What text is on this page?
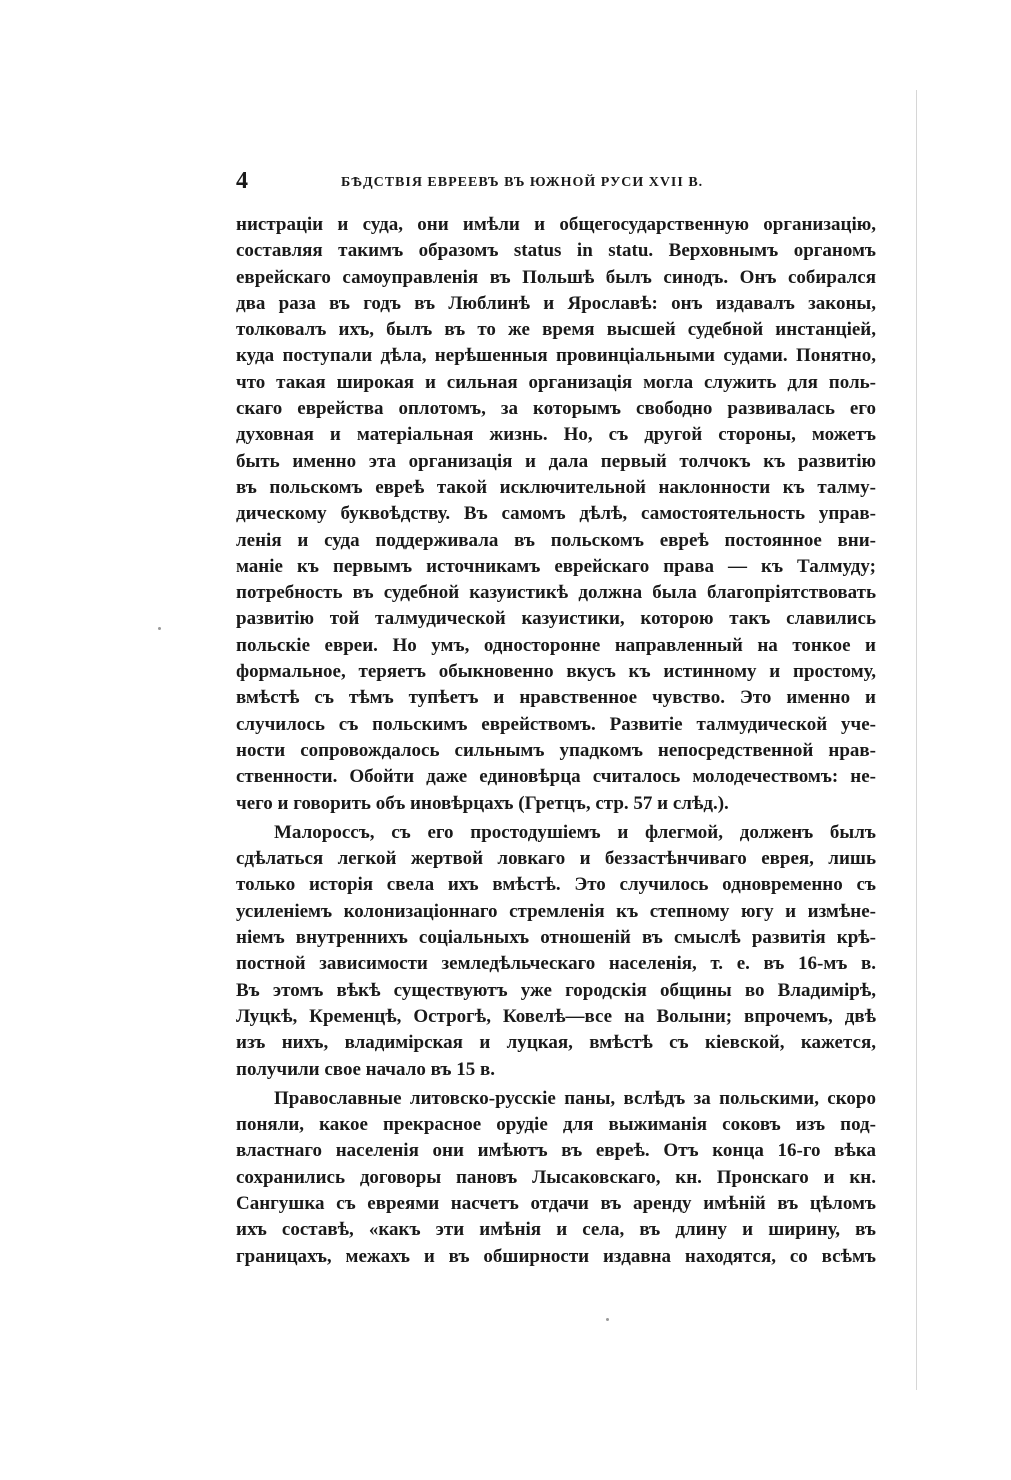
4	БѢДСТВІЯ ЕВРЕЕВЪ ВЪ ЮЖНОЙ РУСИ XVII В.
нистраціи и суда, они имѣли и общегосударственную организацію,
составляя такимъ образомъ status in statu. Верховнымъ органомъ
еврейскаго самоуправленія въ Польшѣ былъ синодъ. Онъ собирался
два раза въ годъ въ Люблинѣ и Ярославѣ: онъ издавалъ законы,
толковалъ ихъ, былъ въ то же время высшей судебной инстанціей,
куда поступали дѣла, нерѣшенныя провинціальными судами. Понятно,
что такая широкая и сильная организація могла служить для поль-
скаго еврейства оплотомъ, за которымъ свободно развивалась его
духовная и матеріальная жизнь. Но, съ другой стороны, можетъ
быть именно эта организація и дала первый толчокъ къ развитію
въ польскомъ евреѣ такой исключительной наклонности къ талму-
дическому буквоѣдству. Въ самомъ дѣлѣ, самостоятельность управ-
ленія и суда поддерживала въ польскомъ евреѣ постоянное вни-
маніе къ первымъ источникамъ еврейскаго права — къ Талмуду;
потребность въ судебной казуистикѣ должна была благопріятствовать
развитію той талмудической казуистики, которою такъ славились
польскіе евреи. Но умъ, односторонне направленный на тонкое и
формальное, теряетъ обыкновенно вкусъ къ истинному и простому,
вмѣстѣ съ тѣмъ тупѣетъ и нравственное чувство. Это именно и
случилось съ польскимъ еврействомъ. Развитіе талмудической уче-
ности сопровождалось сильнымъ упадкомъ непосредственной нрав-
ственности. Обойти даже единовѣрца считалось молодечествомъ: не-
чего и говорить объ иновѣрцахъ (Гретцъ, стр. 57 и слѣд.).
Малороссъ, съ его простодушіемъ и флегмой, долженъ былъ
сдѣлаться легкой жертвой ловкаго и беззастѣнчиваго еврея, лишь
только исторія свела ихъ вмѣстѣ. Это случилось одновременно съ
усиленіемъ колонизаціоннаго стремленія къ степному югу и измѣне-
ніемъ внутреннихъ соціальныхъ отношеній въ смыслѣ развитія крѣ-
постной зависимости земледѣльческаго населенія, т. е. въ 16-мъ в.
Въ этомъ вѣкѣ существуютъ уже городскія общины во Владимірѣ,
Луцкѣ, Кременцѣ, Острогѣ, Ковелѣ—все на Волыни; впрочемъ, двѣ
изъ нихъ, владимірская и луцкая, вмѣстѣ съ кіевской, кажется,
получили свое начало въ 15 в.
Православные литовско-русскіе паны, вслѣдъ за польскими, скоро
поняли, какое прекрасное орудіе для выжиманія соковъ изъ под-
властнаго населенія они имѣютъ въ евреѣ. Отъ конца 16-го вѣка
сохранились договоры пановъ Лысаковскаго, кн. Пронскаго и кн.
Сангушка съ евреями насчетъ отдачи въ аренду имѣній въ цѣломъ
ихъ составѣ, «какъ эти имѣнія и села, въ длину и ширину, въ
границахъ, межахъ и въ обширности издавна находятся, со всѣмъ
